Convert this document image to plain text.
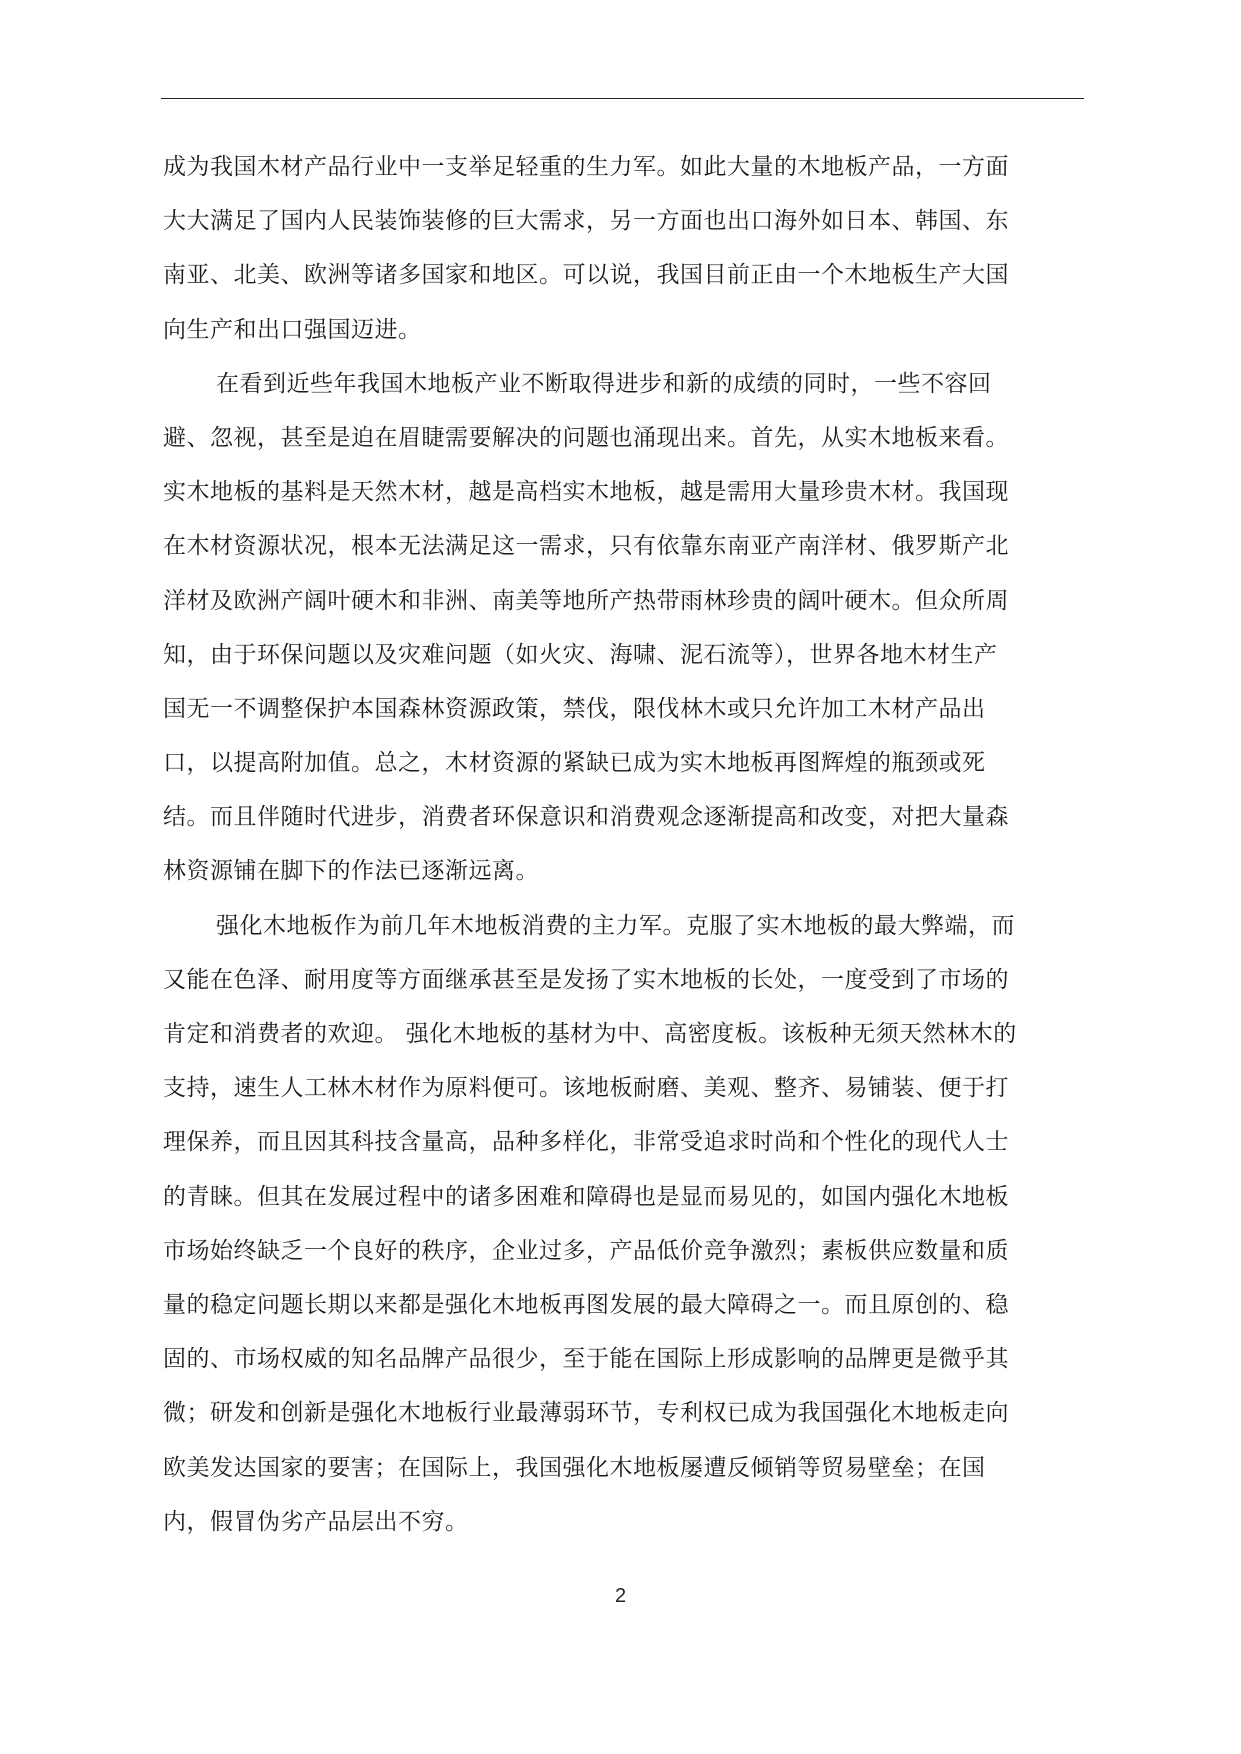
成为我国木材产品行业中一支举足轻重的生力军。如此大量的木地板产品，一方面
大大满足了国内人民装饰装修的巨大需求，另一方面也出口海外如日本、韩国、东
南亚、北美、欧洲等诸多国家和地区。可以说，我国目前正由一个木地板生产大国
向生产和出口强国迈进。
在看到近些年我国木地板产业不断取得进步和新的成绩的同时，一些不容回
避、忽视，甚至是迫在眉睫需要解决的问题也涌现出来。首先，从实木地板来看。
实木地板的基料是天然木材，越是高档实木地板，越是需用大量珍贵木材。我国现
在木材资源状况，根本无法满足这一需求，只有依靠东南亚产南洋材、俄罗斯产北
洋材及欧洲产阔叶硬木和非洲、南美等地所产热带雨林珍贵的阔叶硬木。但众所周
知，由于环保问题以及灾难问题（如火灾、海啸、泥石流等），世界各地木材生产
国无一不调整保护本国森林资源政策，禁伐，限伐林木或只允许加工木材产品出
口，以提高附加值。总之，木材资源的紧缺已成为实木地板再图辉煌的瓶颈或死
结。而且伴随时代进步，消费者环保意识和消费观念逐渐提高和改变，对把大量森
林资源铺在脚下的作法已逐渐远离。
强化木地板作为前几年木地板消费的主力军。克服了实木地板的最大弊端，而
又能在色泽、耐用度等方面继承甚至是发扬了实木地板的长处，一度受到了市场的
肯定和消费者的欢迎。 强化木地板的基材为中、高密度板。该板种无须天然林木的
支持，速生人工林木材作为原料便可。该地板耐磨、美观、整齐、易铺装、便于打
理保养，而且因其科技含量高，品种多样化，非常受追求时尚和个性化的现代人士
的青睐。但其在发展过程中的诸多困难和障碍也是显而易见的，如国内强化木地板
市场始终缺乏一个良好的秩序，企业过多，产品低价竞争激烈；素板供应数量和质
量的稳定问题长期以来都是强化木地板再图发展的最大障碍之一。而且原创的、稳
固的、市场权威的知名品牌产品很少，至于能在国际上形成影响的品牌更是微乎其
微；研发和创新是强化木地板行业最薄弱环节，专利权已成为我国强化木地板走向
欧美发达国家的要害；在国际上，我国强化木地板屡遭反倾销等贸易壁垒；在国
内，假冒伪劣产品层出不穷。
2
